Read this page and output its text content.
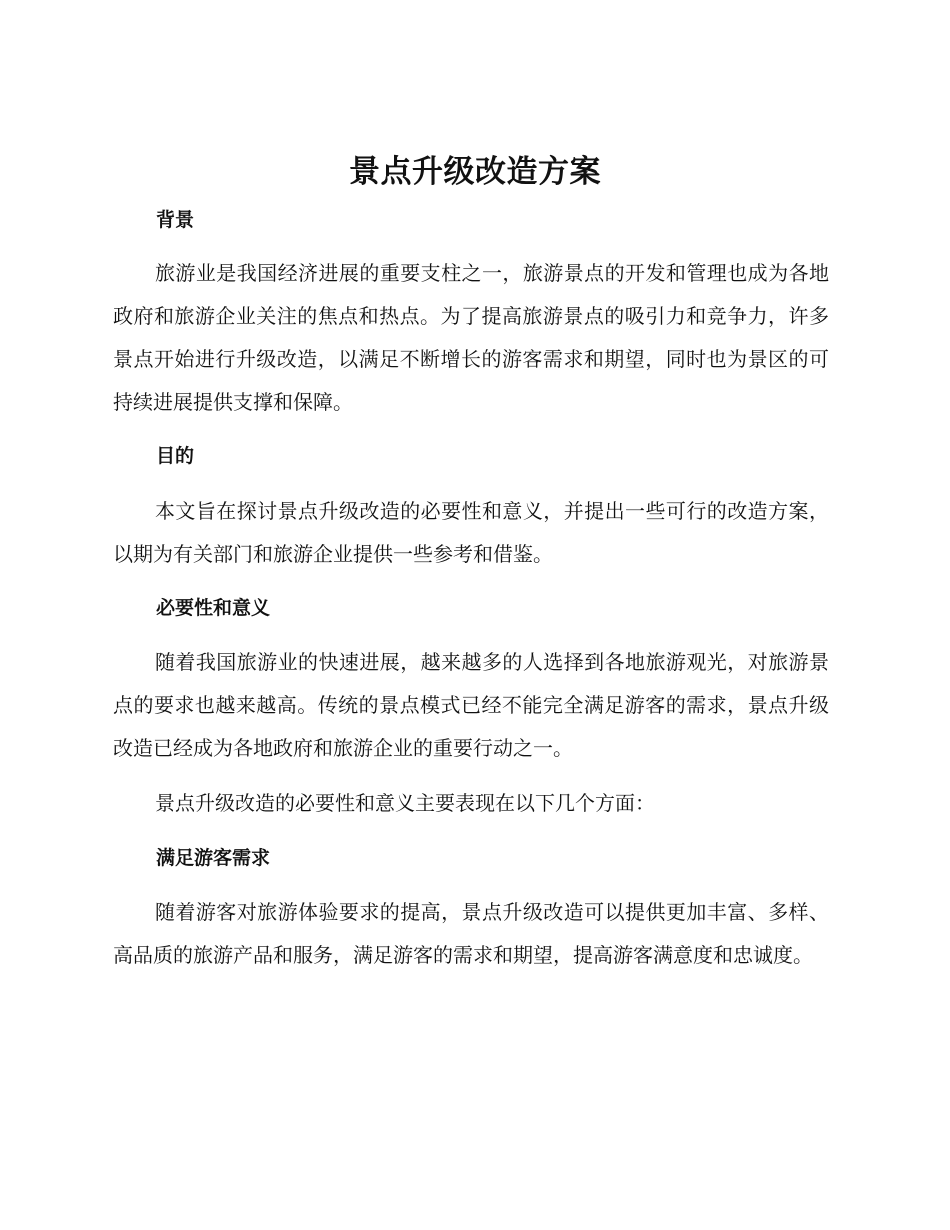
景点升级改造方案
背景

旅游业是我国经济进展的重要支柱之一，旅游景点的开发和管理也成为各地政府和旅游企业关注的焦点和热点。为了提高旅游景点的吸引力和竞争力，许多景点开始进行升级改造，以满足不断增长的游客需求和期望，同时也为景区的可持续进展提供支撑和保障。

目的

本文旨在探讨景点升级改造的必要性和意义，并提出一些可行的改造方案，以期为有关部门和旅游企业提供一些参考和借鉴。

必要性和意义

随着我国旅游业的快速进展，越来越多的人选择到各地旅游观光，对旅游景点的要求也越来越高。传统的景点模式已经不能完全满足游客的需求，景点升级改造已经成为各地政府和旅游企业的重要行动之一。

景点升级改造的必要性和意义主要表现在以下几个方面：

满足游客需求

随着游客对旅游体验要求的提高，景点升级改造可以提供更加丰富、多样、高品质的旅游产品和服务，满足游客的需求和期望，提高游客满意度和忠诚度。
